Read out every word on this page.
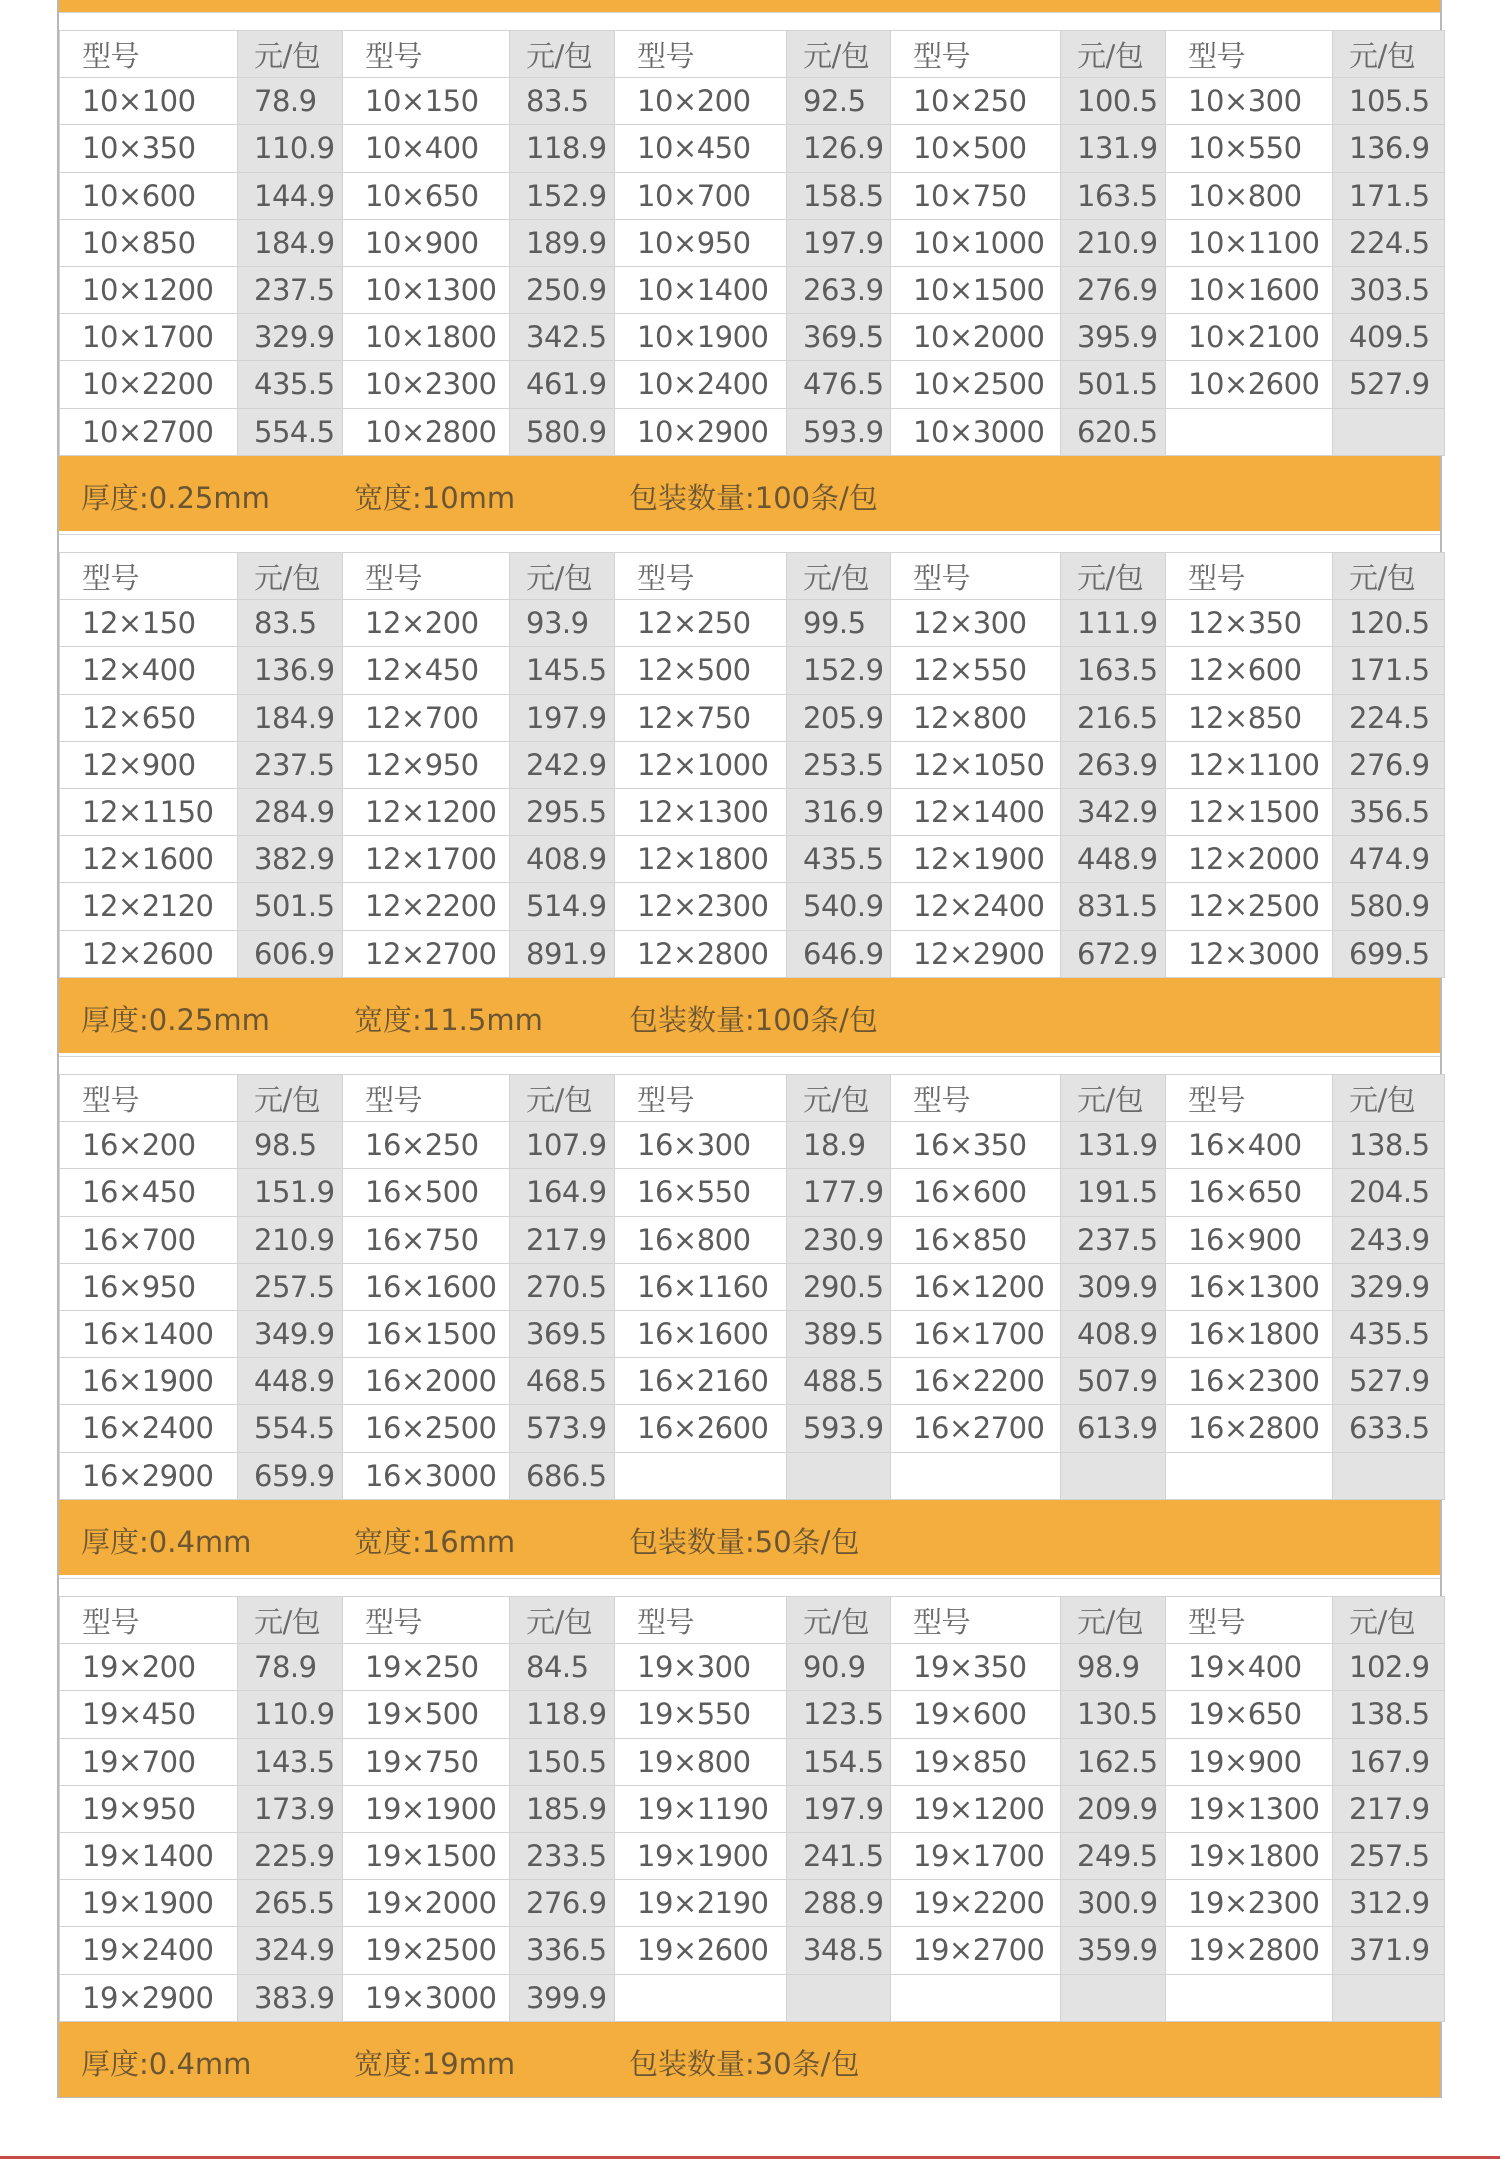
型号	元/包	型号	元/包	型号	元/包	型号	元/包	型号	元/包
10×100	78.9	10×150	83.5	10×200	92.5	10×250	100.5	10×300	105.5
10×350	110.9	10×400	118.9	10×450	126.9	10×500	131.9	10×550	136.9
10×600	144.9	10×650	152.9	10×700	158.5	10×750	163.5	10×800	171.5
10×850	184.9	10×900	189.9	10×950	197.9	10×1000	210.9	10×1100	224.5
10×1200	237.5	10×1300	250.9	10×1400	263.9	10×1500	276.9	10×1600	303.5
10×1700	329.9	10×1800	342.5	10×1900	369.5	10×2000	395.9	10×2100	409.5
10×2200	435.5	10×2300	461.9	10×2400	476.5	10×2500	501.5	10×2600	527.9
10×2700	554.5	10×2800	580.9	10×2900	593.9	10×3000	620.5		
厚度:0.25mm	宽度:10mm	包装数量:100条/包
型号	元/包	型号	元/包	型号	元/包	型号	元/包	型号	元/包
12×150	83.5	12×200	93.9	12×250	99.5	12×300	111.9	12×350	120.5
12×400	136.9	12×450	145.5	12×500	152.9	12×550	163.5	12×600	171.5
12×650	184.9	12×700	197.9	12×750	205.9	12×800	216.5	12×850	224.5
12×900	237.5	12×950	242.9	12×1000	253.5	12×1050	263.9	12×1100	276.9
12×1150	284.9	12×1200	295.5	12×1300	316.9	12×1400	342.9	12×1500	356.5
12×1600	382.9	12×1700	408.9	12×1800	435.5	12×1900	448.9	12×2000	474.9
12×2120	501.5	12×2200	514.9	12×2300	540.9	12×2400	831.5	12×2500	580.9
12×2600	606.9	12×2700	891.9	12×2800	646.9	12×2900	672.9	12×3000	699.5
厚度:0.25mm	宽度:11.5mm	包装数量:100条/包
型号	元/包	型号	元/包	型号	元/包	型号	元/包	型号	元/包
16×200	98.5	16×250	107.9	16×300	18.9	16×350	131.9	16×400	138.5
16×450	151.9	16×500	164.9	16×550	177.9	16×600	191.5	16×650	204.5
16×700	210.9	16×750	217.9	16×800	230.9	16×850	237.5	16×900	243.9
16×950	257.5	16×1600	270.5	16×1160	290.5	16×1200	309.9	16×1300	329.9
16×1400	349.9	16×1500	369.5	16×1600	389.5	16×1700	408.9	16×1800	435.5
16×1900	448.9	16×2000	468.5	16×2160	488.5	16×2200	507.9	16×2300	527.9
16×2400	554.5	16×2500	573.9	16×2600	593.9	16×2700	613.9	16×2800	633.5
16×2900	659.9	16×3000	686.5						
厚度:0.4mm	宽度:16mm	包装数量:50条/包
型号	元/包	型号	元/包	型号	元/包	型号	元/包	型号	元/包
19×200	78.9	19×250	84.5	19×300	90.9	19×350	98.9	19×400	102.9
19×450	110.9	19×500	118.9	19×550	123.5	19×600	130.5	19×650	138.5
19×700	143.5	19×750	150.5	19×800	154.5	19×850	162.5	19×900	167.9
19×950	173.9	19×1900	185.9	19×1190	197.9	19×1200	209.9	19×1300	217.9
19×1400	225.9	19×1500	233.5	19×1900	241.5	19×1700	249.5	19×1800	257.5
19×1900	265.5	19×2000	276.9	19×2190	288.9	19×2200	300.9	19×2300	312.9
19×2400	324.9	19×2500	336.5	19×2600	348.5	19×2700	359.9	19×2800	371.9
19×2900	383.9	19×3000	399.9						
厚度:0.4mm	宽度:19mm	包装数量:30条/包
